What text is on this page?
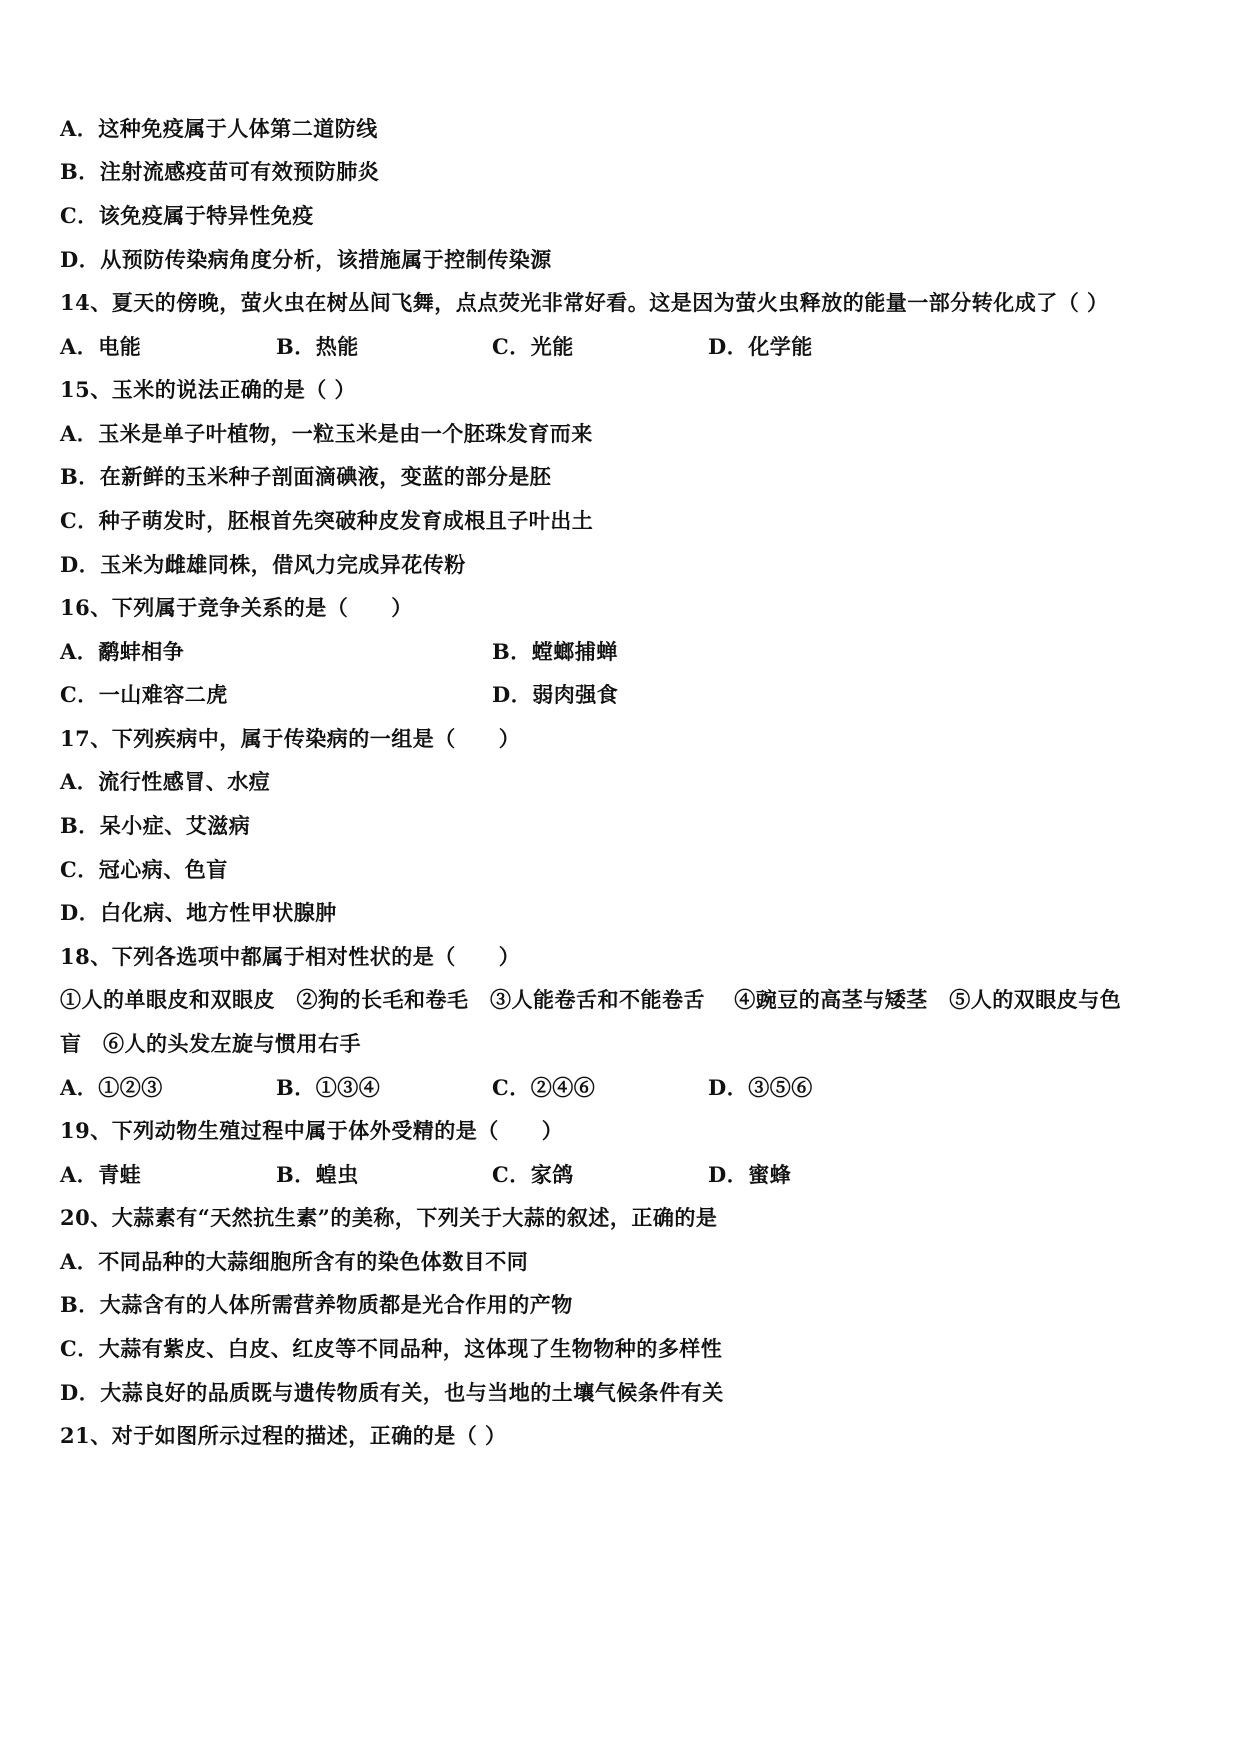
A．这种免疫属于人体第二道防线
B．注射流感疫苗可有效预防肺炎
C．该免疫属于特异性免疫
D．从预防传染病角度分析，该措施属于控制传染源
14、夏天的傍晚，萤火虫在树丛间飞舞，点点荧光非常好看。这是因为萤火虫释放的能量一部分转化成了（ ）
A．电能	B．热能	C．光能	D．化学能
15、玉米的说法正确的是（ ）
A．玉米是单子叶植物，一粒玉米是由一个胚珠发育而来
B．在新鲜的玉米种子剖面滴碘液，变蓝的部分是胚
C．种子萌发时，胚根首先突破种皮发育成根且子叶出土
D．玉米为雌雄同株，借风力完成异花传粉
16、下列属于竞争关系的是（　　）
A．鹬蚌相争	B．螳螂捕蝉
C．一山难容二虎	D．弱肉强食
17、下列疾病中，属于传染病的一组是（　　）
A．流行性感冒、水痘
B．呆小症、艾滋病
C．冠心病、色盲
D．白化病、地方性甲状腺肿
18、下列各选项中都属于相对性状的是（　　）
①人的单眼皮和双眼皮　②狗的长毛和卷毛　③人能卷舌和不能卷舌　 ④豌豆的高茎与矮茎　⑤人的双眼皮与色
盲　⑥人的头发左旋与惯用右手
A．①②③	B．①③④	C．②④⑥	D．③⑤⑥
19、下列动物生殖过程中属于体外受精的是（　　）
A．青蛙	B．蝗虫	C．家鸽	D．蜜蜂
20、大蒜素有“天然抗生素”的美称，下列关于大蒜的叙述，正确的是
A．不同品种的大蒜细胞所含有的染色体数目不同
B．大蒜含有的人体所需营养物质都是光合作用的产物
C．大蒜有紫皮、白皮、红皮等不同品种，这体现了生物物种的多样性
D．大蒜良好的品质既与遗传物质有关，也与当地的土壤气候条件有关
21、对于如图所示过程的描述，正确的是（ ）
